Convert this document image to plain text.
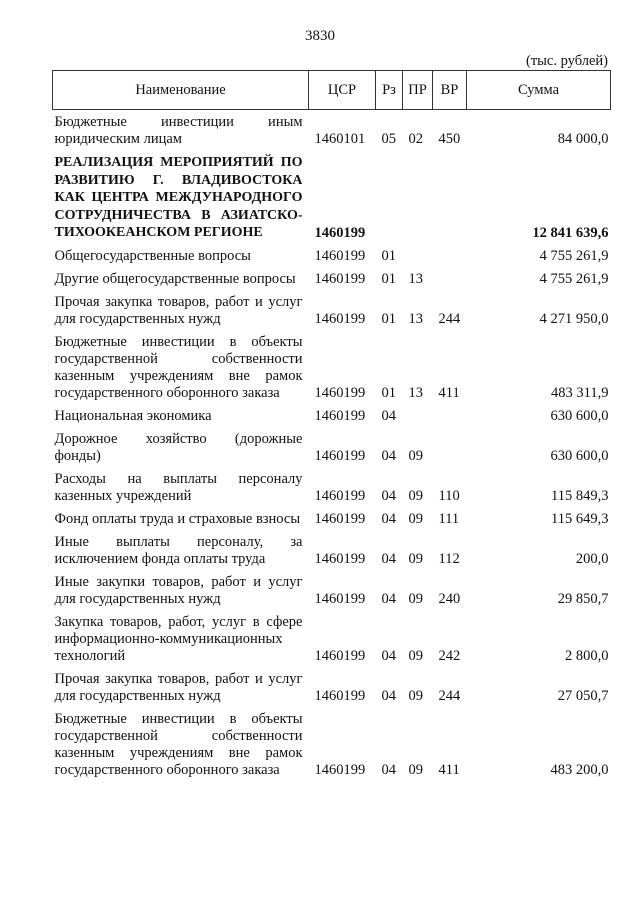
3830
(тыс. рублей)
Наименование	ЦСР	Рз	ПР	ВР	Сумма
Бюджетные инвестиции иным юридическим лицам	1460101	05	02	450	84 000,0
РЕАЛИЗАЦИЯ МЕРОПРИЯТИЙ ПО РАЗВИТИЮ Г. ВЛАДИВОСТОКА КАК ЦЕНТРА МЕЖДУНАРОДНОГО СОТРУДНИЧЕСТВА В АЗИАТСКО-ТИХООКЕАНСКОМ РЕГИОНЕ	1460199				12 841 639,6
Общегосударственные вопросы	1460199	01			4 755 261,9
Другие общегосударственные вопросы	1460199	01	13		4 755 261,9
Прочая закупка товаров, работ и услуг для государственных нужд	1460199	01	13	244	4 271 950,0
Бюджетные инвестиции в объекты государственной собственности казенным учреждениям вне рамок государственного оборонного заказа	1460199	01	13	411	483 311,9
Национальная экономика	1460199	04			630 600,0
Дорожное хозяйство (дорожные фонды)	1460199	04	09		630 600,0
Расходы на выплаты персоналу казенных учреждений	1460199	04	09	110	115 849,3
Фонд оплаты труда и страховые взносы	1460199	04	09	111	115 649,3
Иные выплаты персоналу, за исключением фонда оплаты труда	1460199	04	09	112	200,0
Иные закупки товаров, работ и услуг для государственных нужд	1460199	04	09	240	29 850,7
Закупка товаров, работ, услуг в сфере информационно-коммуникационных технологий	1460199	04	09	242	2 800,0
Прочая закупка товаров, работ и услуг для государственных нужд	1460199	04	09	244	27 050,7
Бюджетные инвестиции в объекты государственной собственности казенным учреждениям вне рамок государственного оборонного заказа	1460199	04	09	411	483 200,0
